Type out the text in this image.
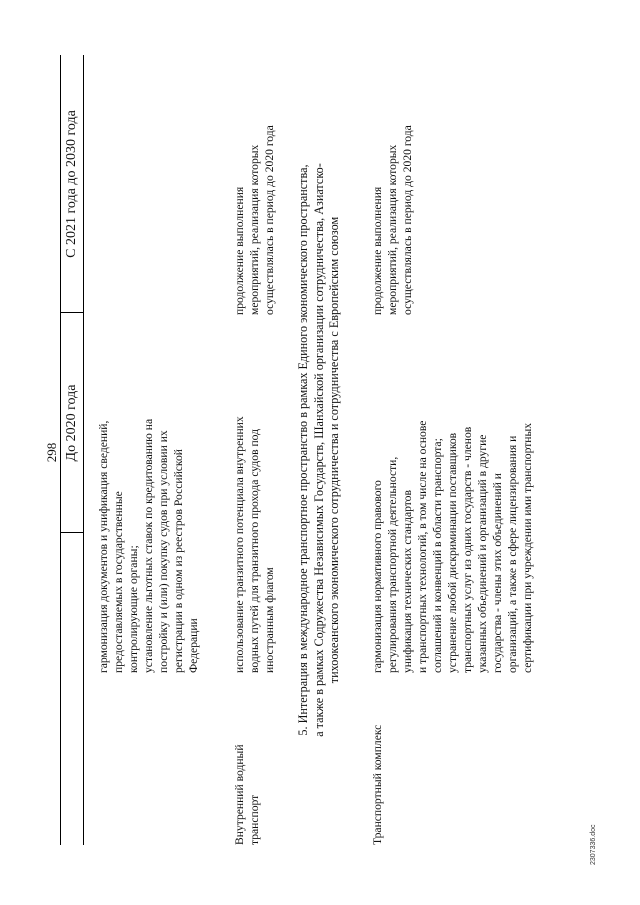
298 До 2020 года
С 2021 года до 2030 года
гармонизация документов и унификация сведений,
предоставляемых в государственные
контролирующие органы;
установление льготных ставок по кредитованию на
постройку и (или) покупку судов при условии их
регистрации в одном из реестров Российской
Федерации
Внутренний водный
транспорт
использование транзитного потенциала внутренних
водных путей для транзитного прохода судов под
иностранным флагом
продолжение выполнения
мероприятий, реализация которых
осуществлялась в период до 2020 года
5. Интеграция в международное транспортное пространство в рамках Единого экономического пространства,
а также в рамках Содружества Независимых Государств, Шанхайской организации сотрудничества, Азиатско-
тихоокеанского экономического сотрудничества и сотрудничества с Европейским союзом
Транспортный комплекс
гармонизация нормативного правового
регулирования транспортной деятельности,
унификация технических стандартов
и транспортных технологий, в том числе на основе
соглашений и конвенций в области транспорта;
устранение любой дискриминации поставщиков
транспортных услуг из одних государств - членов
указанных объединений и организаций в другие
государства - члены этих объединений и
организаций, а также в сфере лицензирования и
сертификации при учреждении ими транспортных
продолжение выполнения
мероприятий, реализация которых
осуществлялась в период до 2020 года
2307336.doc
